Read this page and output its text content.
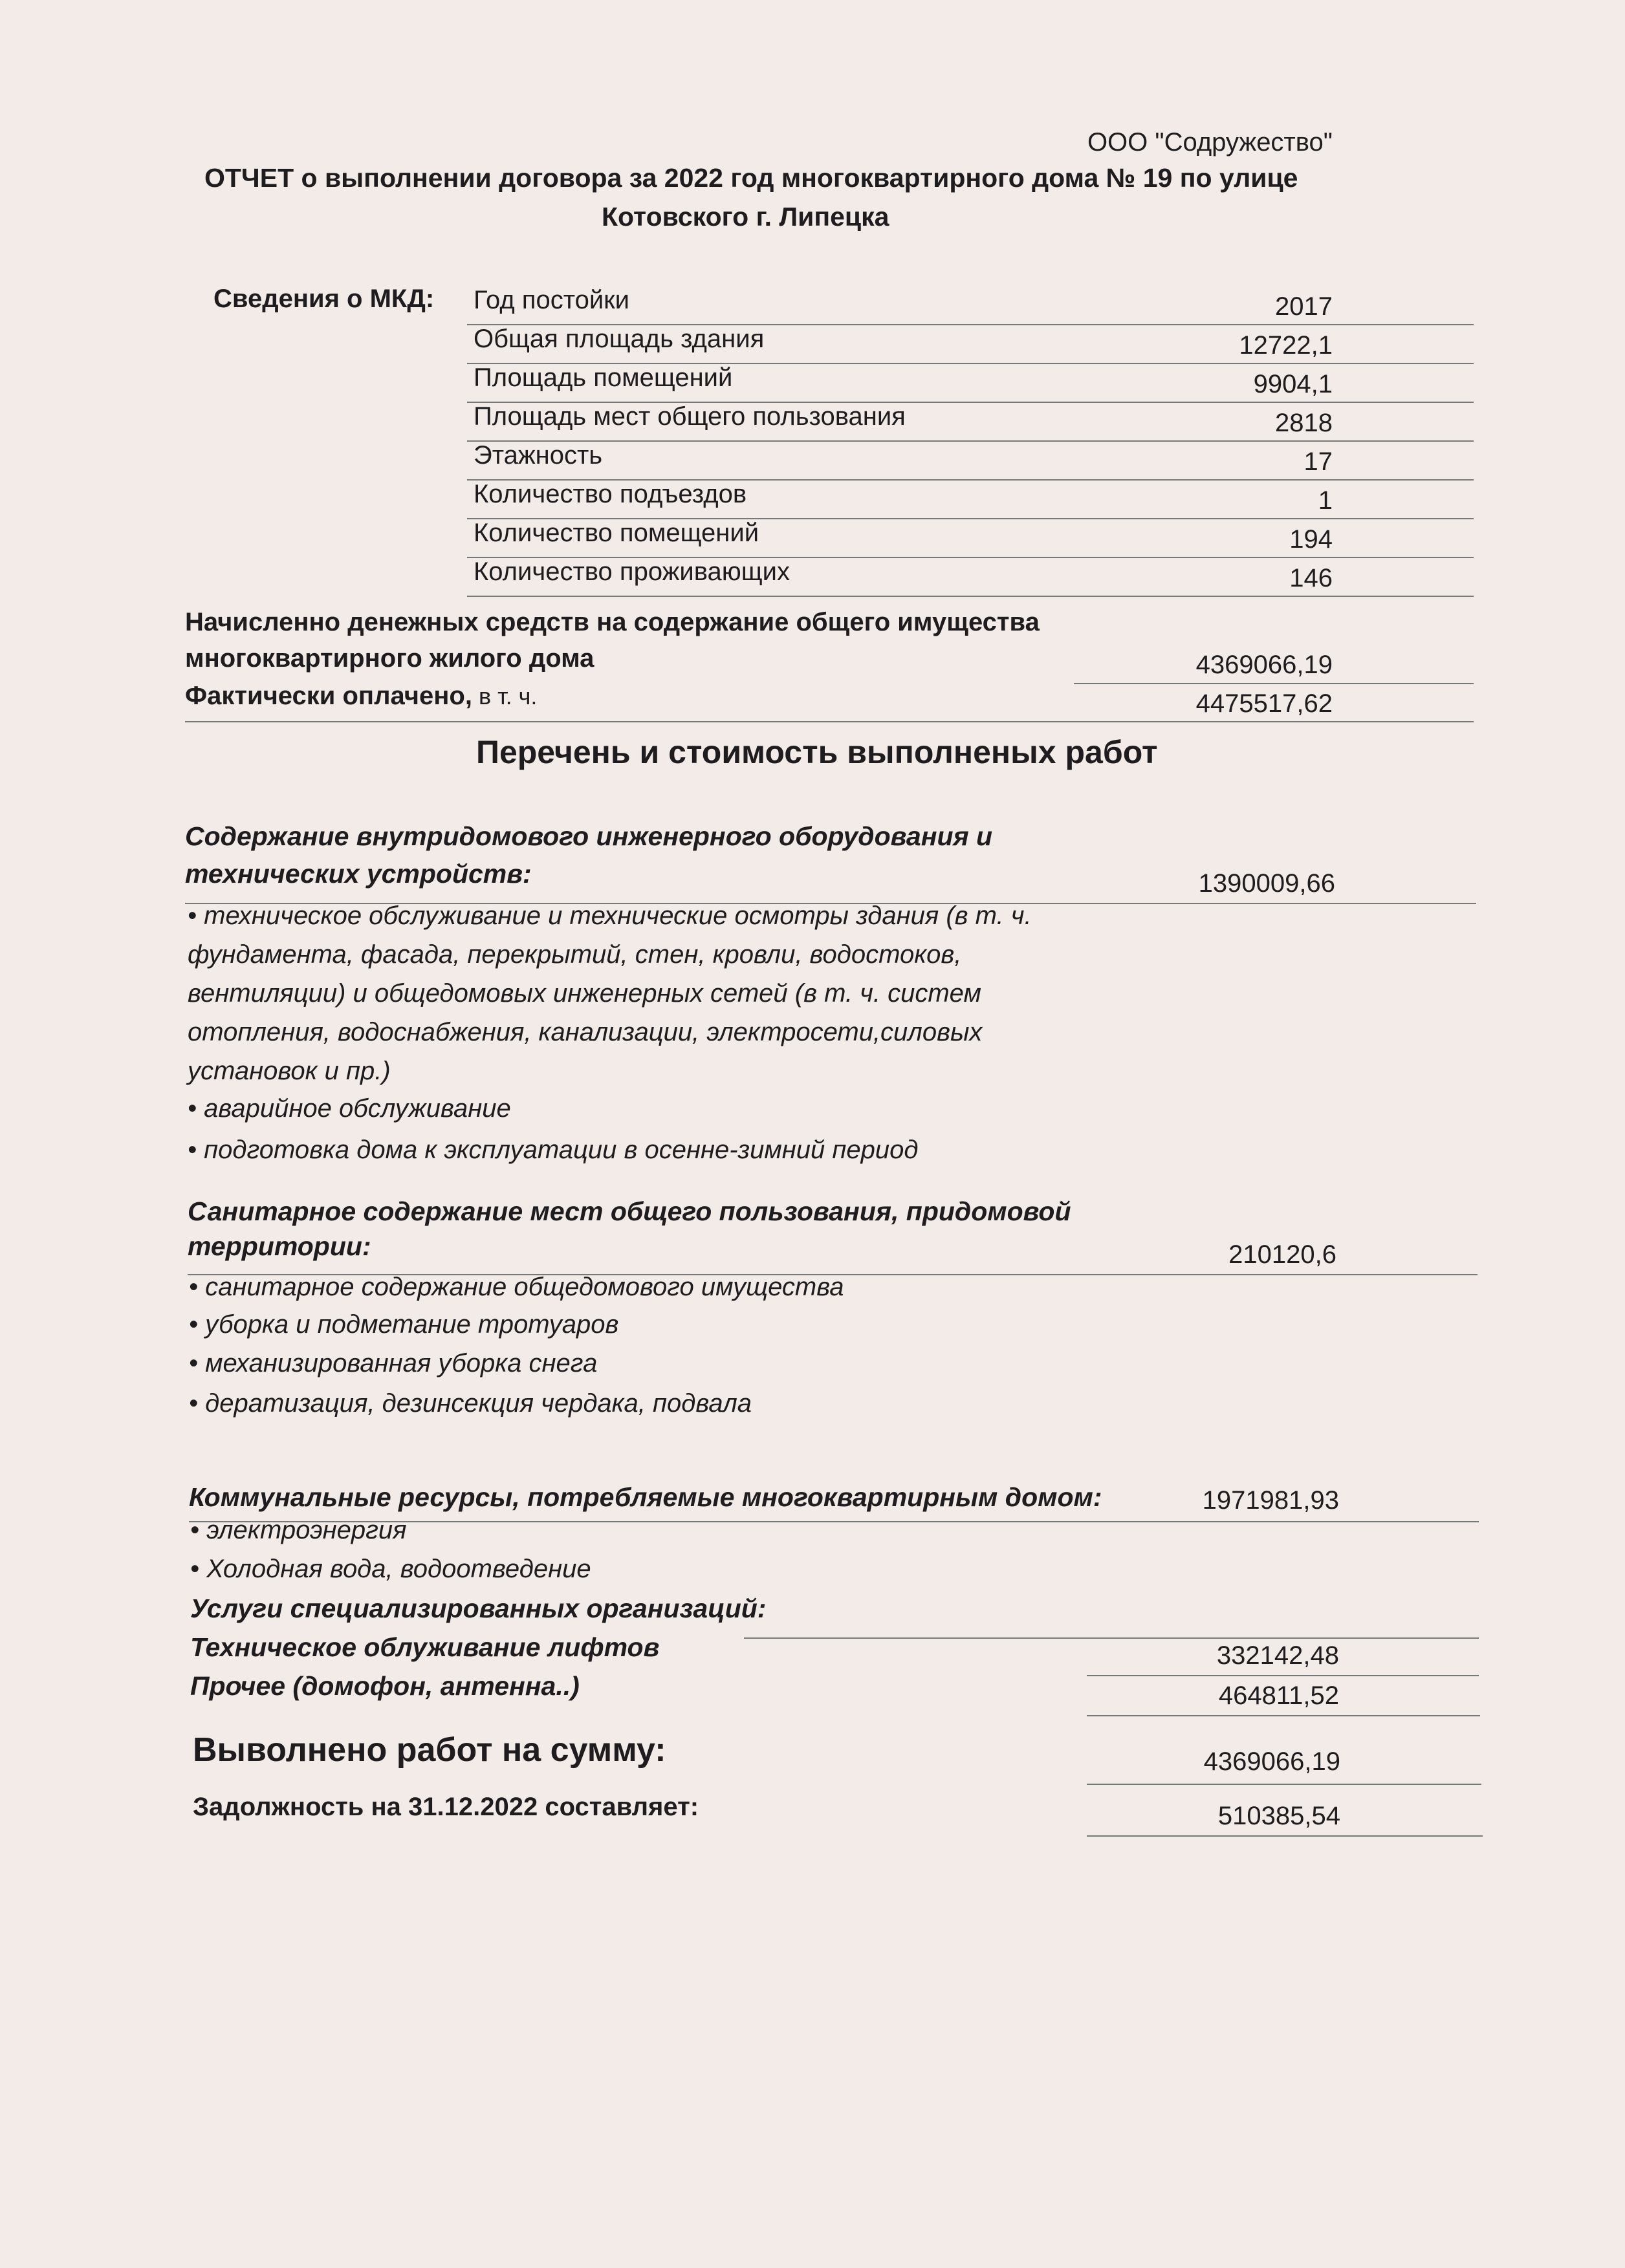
ООО "Содружество"
ОТЧЕТ о выполнении договора за 2022 год многоквартирного дома № 19 по улице
Котовского г. Липецка
Сведения о МКД: Год постойки	2017
Общая площадь здания	12722,1
Площадь помещений	9904,1
Площадь мест общего пользования	2818
Этажность	17
Количество подъездов	1
Количество помещений	194
Количество проживающих	146
Начисленно денежных средств на содержание общего имущества
многоквартирного жилого дома	4369066,19
Фактически оплачено, в т. ч.	4475517,62
Перечень и стоимость выполненых работ
Содержание внутридомового инженерного оборудования и
технических устройств:	1390009,66
• техническое обслуживание и технические осмотры здания (в т. ч.
фундамента, фасада, перекрытий, стен, кровли, водостоков,
вентиляции) и общедомовых инженерных сетей (в т. ч. систем
отопления, водоснабжения, канализации, электросети,силовых
установок и пр.)
• аварийное обслуживание
• подготовка дома к эксплуатации в осенне-зимний период
Санитарное содержание мест общего пользования, придомовой
территории:	210120,6
• санитарное содержание общедомового имущества
• уборка и подметание тротуаров
• механизированная уборка снега
• дератизация, дезинсекция чердака, подвала
Коммунальные ресурсы, потребляемые многоквартирным домом:	1971981,93
• электроэнергия
• Холодная вода, водоотведение
Услуги специализированных организаций:
Техническое облуживание лифтов	332142,48
Прочее (домофон, антенна..)	464811,52
Выволнено работ на сумму:	4369066,19
Задолжность на 31.12.2022 составляет:	510385,54
